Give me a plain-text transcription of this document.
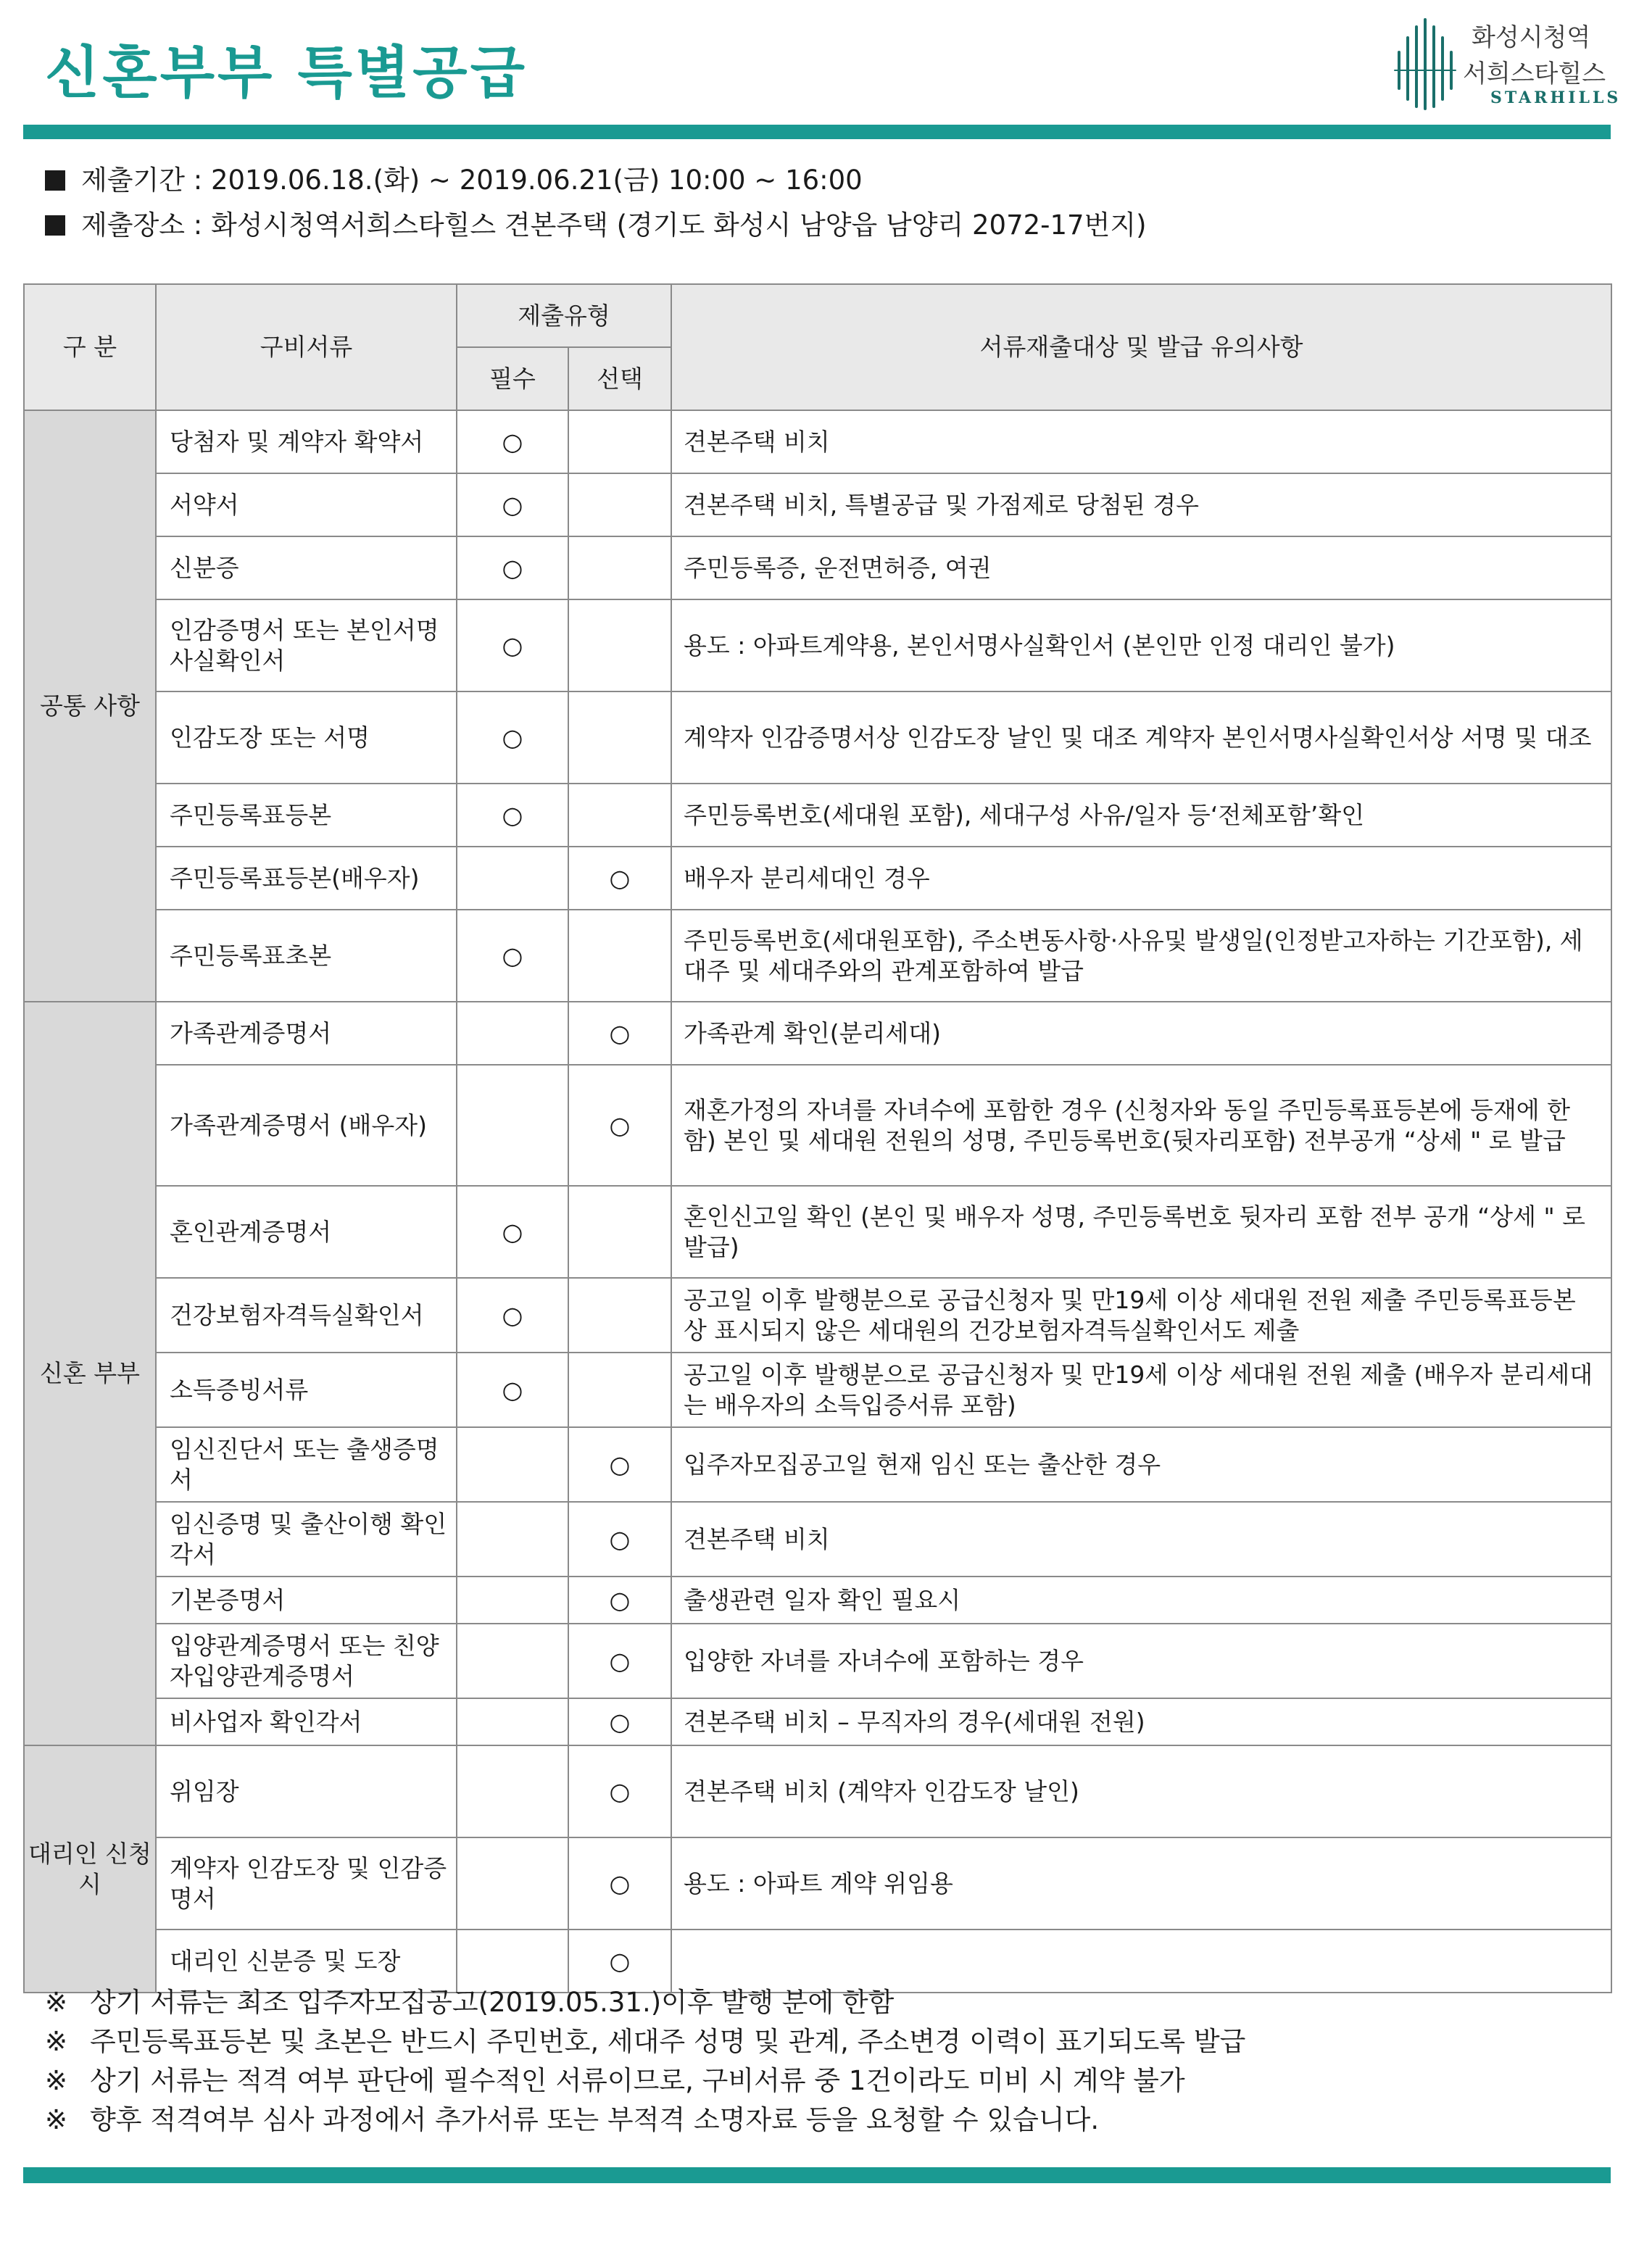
신혼부부 특별공급
화성시청역
서희스타힐스
STARHILLS
제출기간 : 2019.06.18.(화) ~ 2019.06.21(금) 10:00 ~ 16:00
제출장소 : 화성시청역서희스타힐스 견본주택 (경기도 화성시 남양읍 남양리 2072-17번지)
구 분	구비서류	제출유형		서류재출대상 및 발급 유의사항
		필수	선택	
공통 사항	당첨자 및 계약자 확약서	○		견본주택 비치
	서약서	○		견본주택 비치, 특별공급 및 가점제로 당첨된 경우
	신분증	○		주민등록증, 운전면허증, 여권
	인감증명서 또는 본인서명사실확인서	○		용도 : 아파트계약용, 본인서명사실확인서 (본인만 인정 대리인 불가)
	인감도장 또는 서명	○		계약자 인감증명서상 인감도장 날인 및 대조 계약자 본인서명사실확인서상 서명 및 대조
	주민등록표등본	○		주민등록번호(세대원 포함), 세대구성 사유/일자 등‘전체포함’확인
	주민등록표등본(배우자)		○	배우자 분리세대인 경우
	주민등록표초본	○		주민등록번호(세대원포함), 주소변동사항·사유및 발생일(인정받고자하는 기간포함), 세대주 및 세대주와의 관계포함하여 발급
신혼 부부	가족관계증명서		○	가족관계 확인(분리세대)
	가족관계증명서 (배우자)		○	재혼가정의 자녀를 자녀수에 포함한 경우 (신청자와 동일 주민등록표등본에 등재에 한함) 본인 및 세대원 전원의 성명, 주민등록번호(뒷자리포함) 전부공개 “상세 " 로 발급
	혼인관계증명서	○		혼인신고일 확인 (본인 및 배우자 성명, 주민등록번호 뒷자리 포함 전부 공개 “상세 " 로 발급)
	건강보험자격득실확인서	○		공고일 이후 발행분으로 공급신청자 및 만19세 이상 세대원 전원 제출 주민등록표등본 상 표시되지 않은 세대원의 건강보험자격득실확인서도 제출
	소득증빙서류	○		공고일 이후 발행분으로 공급신청자 및 만19세 이상 세대원 전원 제출 (배우자 분리세대는 배우자의 소득입증서류 포함)
	임신진단서 또는 출생증명서		○	입주자모집공고일 현재 임신 또는 출산한 경우
	임신증명 및 출산이행 확인 각서		○	견본주택 비치
	기본증명서		○	출생관련 일자 확인 필요시
	입양관계증명서 또는 친양자입양관계증명서		○	입양한 자녀를 자녀수에 포함하는 경우
	비사업자 확인각서		○	견본주택 비치 – 무직자의 경우(세대원 전원)
대리인 신청시	위임장		○	견본주택 비치 (계약자 인감도장 날인)
	계약자 인감도장 및 인감증명서		○	용도 : 아파트 계약 위임용
	대리인 신분증 및 도장		○	
※ 상기 서류는 최조 입주자모집공고(2019.05.31.)이후 발행 분에 한함
※ 주민등록표등본 및 초본은 반드시 주민번호, 세대주 성명 및 관계, 주소변경 이력이 표기되도록 발급
※ 상기 서류는 적격 여부 판단에 필수적인 서류이므로, 구비서류 중 1건이라도 미비 시 계약 불가
※ 향후 적격여부 심사 과정에서 추가서류 또는 부적격 소명자료 등을 요청할 수 있습니다.
